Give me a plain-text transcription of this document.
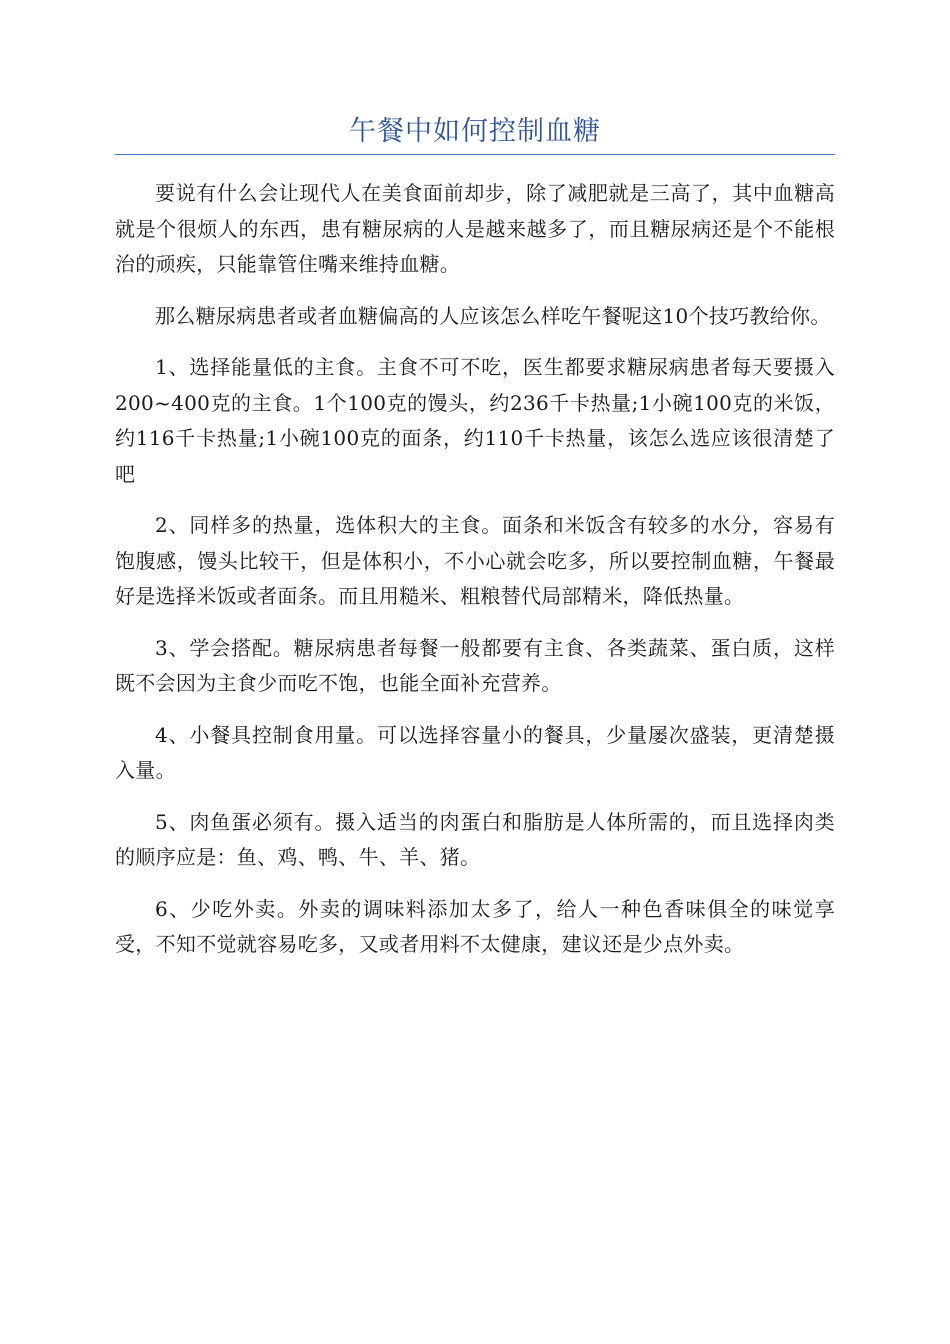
午餐中如何控制血糖

要说有什么会让现代人在美食面前却步，除了减肥就是三高了，其中血糖高就是个很烦人的东西，患有糖尿病的人是越来越多了，而且糖尿病还是个不能根治的顽疾，只能靠管住嘴来维持血糖。

那么糖尿病患者或者血糖偏高的人应该怎么样吃午餐呢这10个技巧教给你。

1、选择能量低的主食。主食不可不吃，医生都要求糖尿病患者每天要摄入200~400克的主食。1个100克的馒头，约236千卡热量;1小碗100克的米饭，约116千卡热量;1小碗100克的面条，约110千卡热量，该怎么选应该很清楚了吧

2、同样多的热量，选体积大的主食。面条和米饭含有较多的水分，容易有饱腹感，馒头比较干，但是体积小，不小心就会吃多，所以要控制血糖，午餐最好是选择米饭或者面条。而且用糙米、粗粮替代局部精米，降低热量。

3、学会搭配。糖尿病患者每餐一般都要有主食、各类蔬菜、蛋白质，这样既不会因为主食少而吃不饱，也能全面补充营养。

4、小餐具控制食用量。可以选择容量小的餐具，少量屡次盛装，更清楚摄入量。

5、肉鱼蛋必须有。摄入适当的肉蛋白和脂肪是人体所需的，而且选择肉类的顺序应是：鱼、鸡、鸭、牛、羊、猪。

6、少吃外卖。外卖的调味料添加太多了，给人一种色香味俱全的味觉享受，不知不觉就容易吃多，又或者用料不太健康，建议还是少点外卖。
